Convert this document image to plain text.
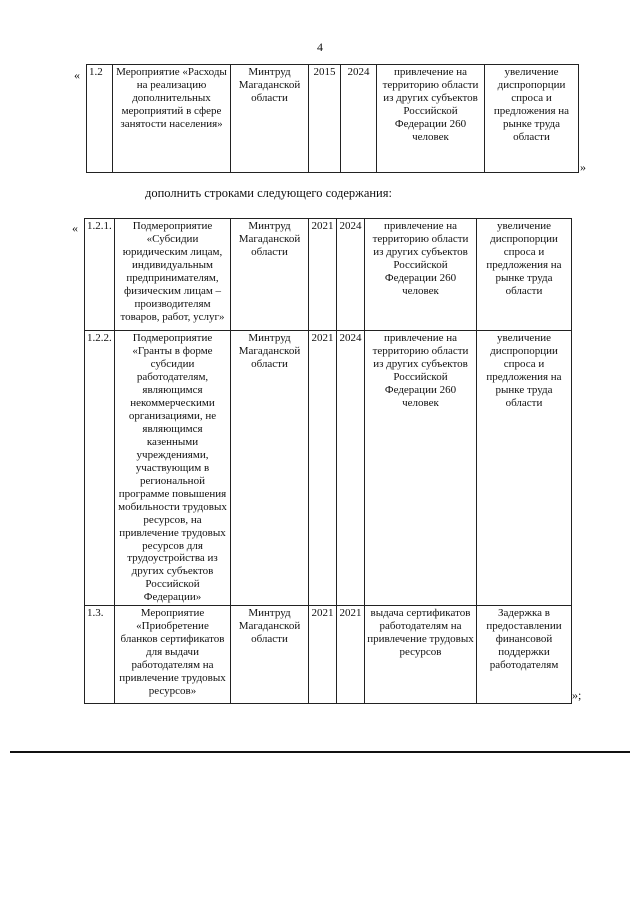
4
« 1.2	Мероприятие «Расходы на реализацию дополнительных мероприятий в сфере занятости населения»	Минтруд Магаданской области	2015	2024	привлечение на территорию области из других субъектов Российской Федерации 260 человек	увеличение диспропорции спроса и предложения на рынке труда области
»
дополнить строками следующего содержания:
« 1.2.1.	Подмероприятие «Субсидии юридическим лицам, индивидуальным предпринимателям, физическим лицам – производителям товаров, работ, услуг»	Минтруд Магаданской области	2021	2024	привлечение на территорию области из других субъектов Российской Федерации 260 человек	увеличение диспропорции спроса и предложения на рынке труда области
1.2.2.	Подмероприятие «Гранты в форме субсидии работодателям, являющимся некоммерческими организациями, не являющимся казенными учреждениями, участвующим в региональной программе повышения мобильности трудовых ресурсов, на привлечение трудовых ресурсов для трудоустройства из других субъектов Российской Федерации»	Минтруд Магаданской области	2021	2024	привлечение на территорию области из других субъектов Российской Федерации 260 человек	увеличение диспропорции спроса и предложения на рынке труда области
1.3.	Мероприятие «Приобретение бланков сертификатов для выдачи работодателям на привлечение трудовых ресурсов»	Минтруд Магаданской области	2021	2021	выдача сертификатов работодателям на привлечение трудовых ресурсов	Задержка в предоставлении финансовой поддержки работодателям
»;
